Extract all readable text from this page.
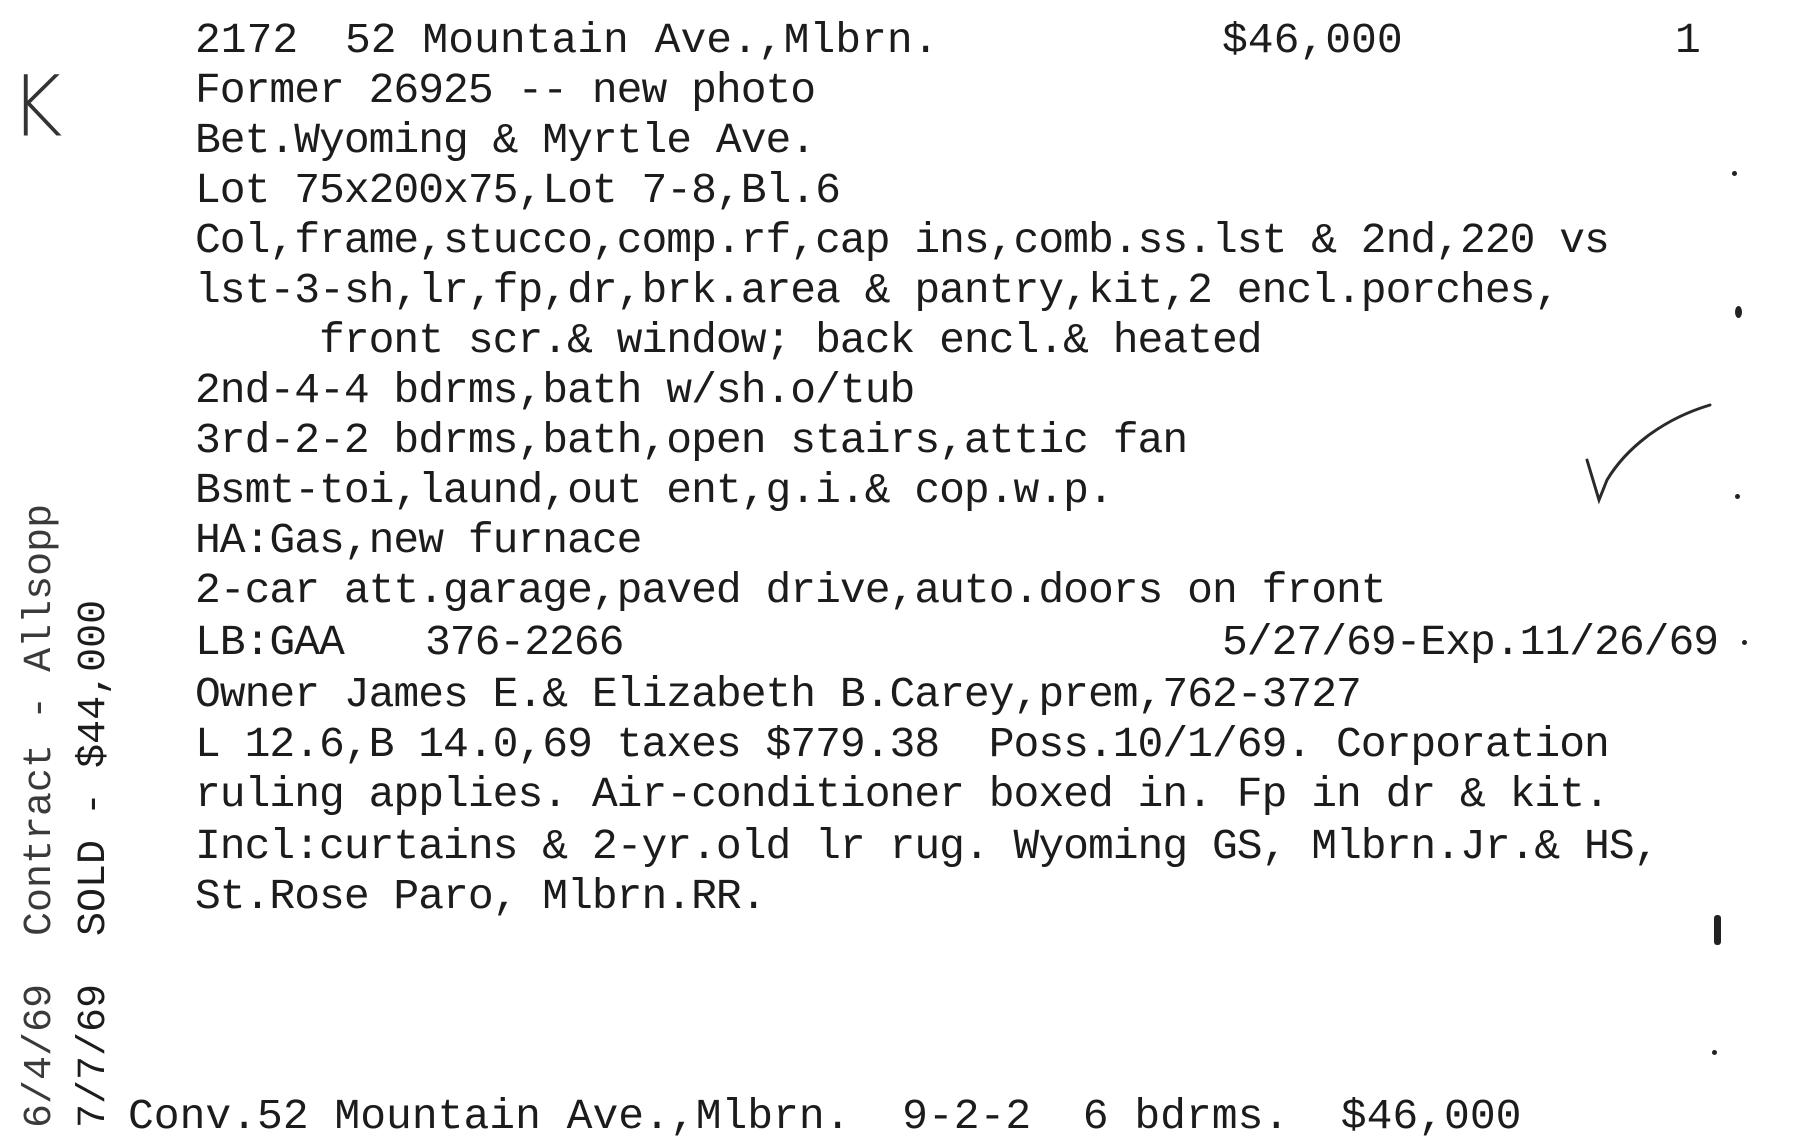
K
2172 52 Mountain Ave.,Mlbrn.	$46,000	1
Former 26925 -- new photo
Bet.Wyoming & Myrtle Ave.
Lot 75x200x75,Lot 7-8,Bl.6
Col,frame,stucco,comp.rf,cap ins,comb.ss.lst & 2nd,220 vs
lst-3-sh,lr,fp,dr,brk.area & pantry,kit,2 encl.porches,
front scr.& window; back encl.& heated
2nd-4-4 bdrms,bath w/sh.o/tub
3rd-2-2 bdrms,bath,open stairs,attic fan
Bsmt-toi,laund,out ent,g.i.& cop.w.p.
HA:Gas,new furnace
2-car att.garage,paved drive,auto.doors on front
LB:GAA 376-2266	5/27/69-Exp.11/26/69
Owner James E.& Elizabeth B.Carey,prem,762-3727
L 12.6,B 14.0,69 taxes $779.38  Poss.10/1/69. Corporation
ruling applies. Air-conditioner boxed in. Fp in dr & kit.
Incl:curtains & 2-yr.old lr rug. Wyoming GS, Mlbrn.Jr.& HS,
St.Rose Paro, Mlbrn.RR.
6/4/69  Contract - Allsopp 7/7/69  SOLD - $44,000 Conv.52 Mountain Ave.,Mlbrn.  9-2-2  6 bdrms.  $46,000
